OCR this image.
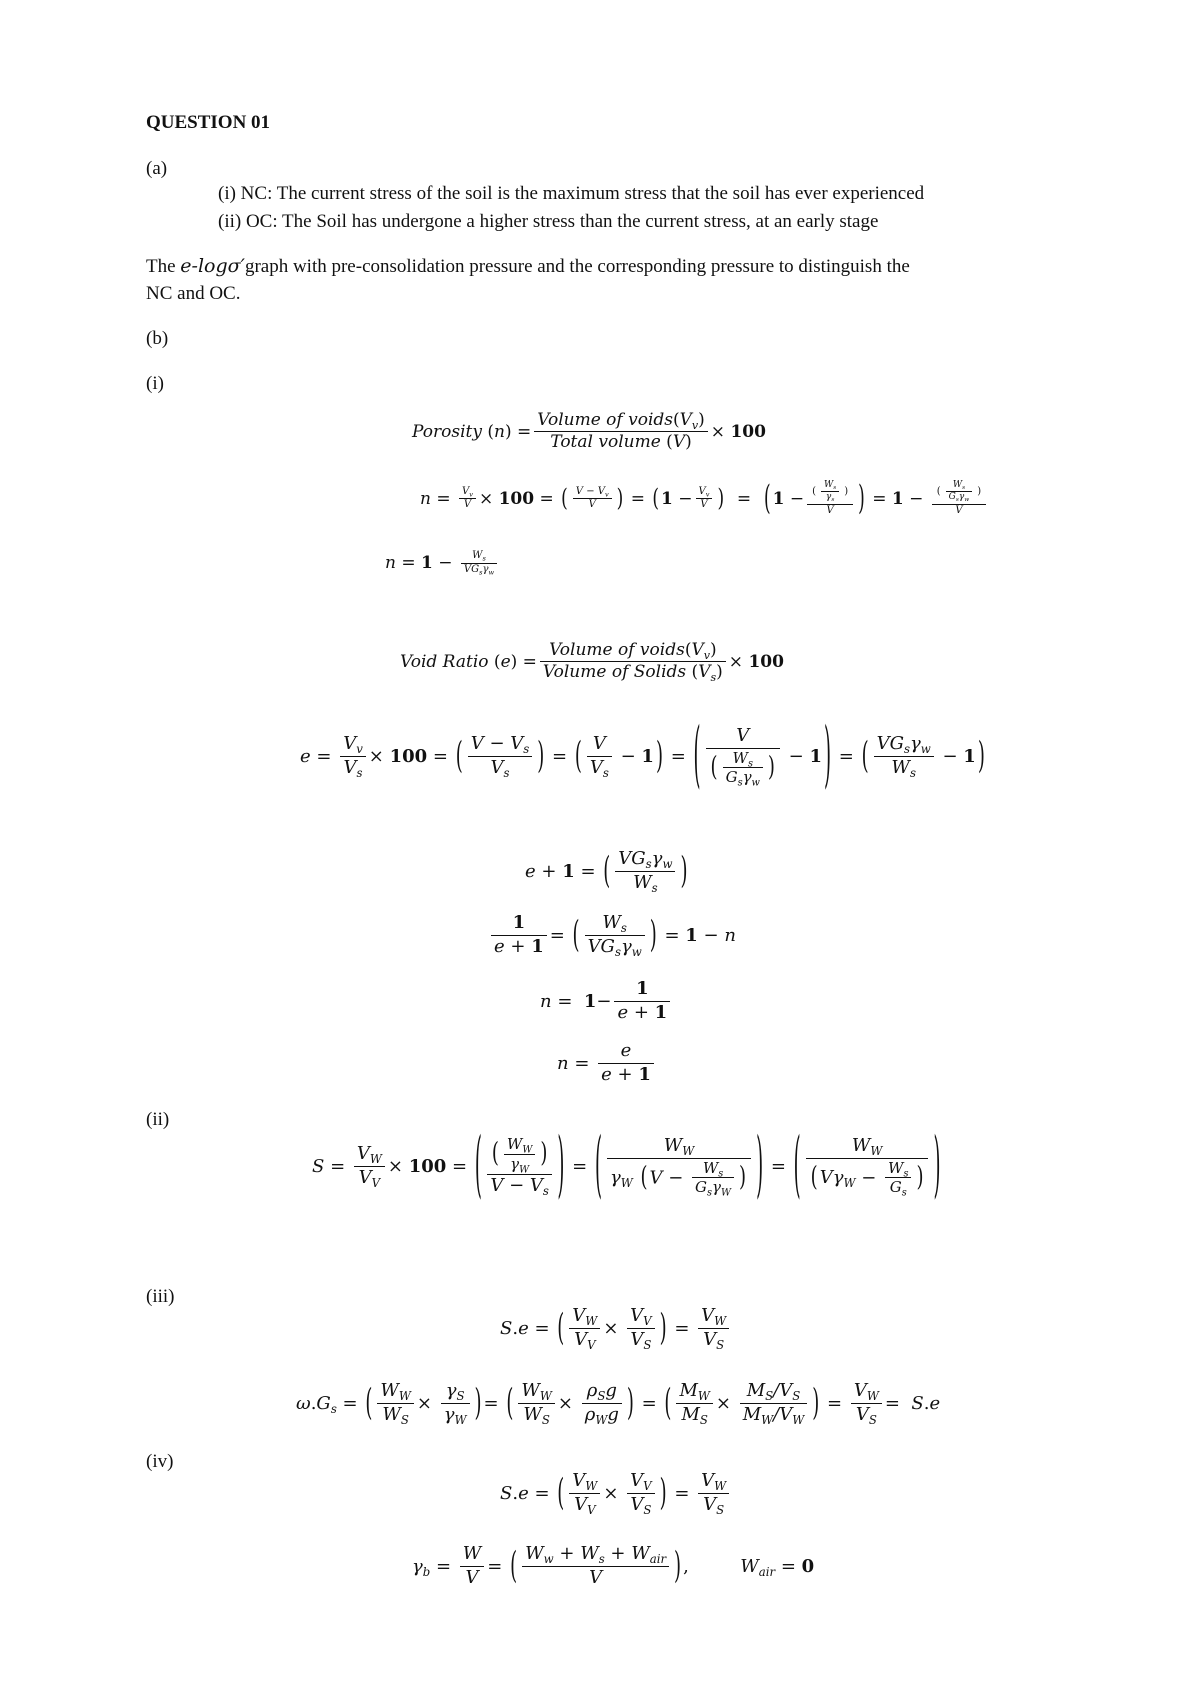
QUESTION 01
(a)
(i) NC: The current stress of the soil is the maximum stress that the soil has ever experienced
(ii) OC: The Soil has undergone a higher stress than the current stress, at an early stage
The e-logσ′graph with pre-consolidation pressure and the corresponding pressure to distinguish the
NC and OC.
(b)
(i)
Porosity
( n ) = $\frac{Volume of voids(V_v)}{\text{Total volume (V)}}$ ×
100
$n = \frac{V_v}{V}$ ×
100 = ( $\frac{V - V_v}{V}$ ) = ( $1 - \frac{V_v}{V}$ ) = ( $1 - \frac{( \frac{W_s}{\gamma_s} )}{V}$ ) = $1 - \frac{( \frac{W_s}{G_s\gamma_w} )}{V}$
$n = 1 - \frac{W_s}{VG_s\gamma_w}$
Void Ratio
( e ) = $\frac{Volume of voids(V_v)}{Volume of Solids (V_s)}$ ×
100
$e = \frac{V_v}{V_s}$ ×
100 = ( $\frac{V - V_s}{V_s}$ ) = ( $\frac{V}{V_s} - 1$ ) = ( $\frac{V}{( \frac{W_s}{G_s\gamma_w} )} - 1$ ) = ( $\frac{VG_s\gamma_w}{W_s} - 1$ )
e + 1 = ( $\frac{VG_s\gamma_w}{W_s}$ )
$\frac{1}{e + 1}$ = ( $\frac{W_s}{VG_s\gamma_w}$ ) = 1 − n
$n = 1 - \frac{1}{e + 1}$
$n = \frac{e}{e + 1}$
(ii)
$S = \frac{V_W}{V_V}$ ×
100 = ( $\frac{( \frac{W_W}{\gamma_W} )}{V - V_s}$ ) = ( $\frac{W_W}{\gamma_W ( V - \frac{W_s}{G_s\gamma_W} )}$ ) = ( $\frac{W_W}{( V\gamma_W - \frac{W_s}{G_s} )}$ )
(iii)
S . e = ( $\frac{V_W}{V_V} \times \frac{V_V}{V_S}$ ) = $\frac{V_W}{V_S}$
ω . $G_s$ = ( $\frac{W_W}{W_S} \times \frac{\gamma_S}{\gamma_W}$ ) = ( $\frac{W_W}{W_S} \times \frac{\rho_Sg}{\rho_Wg}$ ) = ( $\frac{M_W}{M_S} \times \frac{M_S/V_S}{M_W/V_W}$ ) = $\frac{V_W}{V_S} = S$ . e
(iv)
S . e = ( $\frac{V_W}{V_V} \times \frac{V_V}{V_S}$ ) = $\frac{V_W}{V_S}$
$\gamma_b = \frac{W}{V}$ = ( $\frac{W_w + W_s + W_{air}}{V}$ ) , $W_{air} = 0$
